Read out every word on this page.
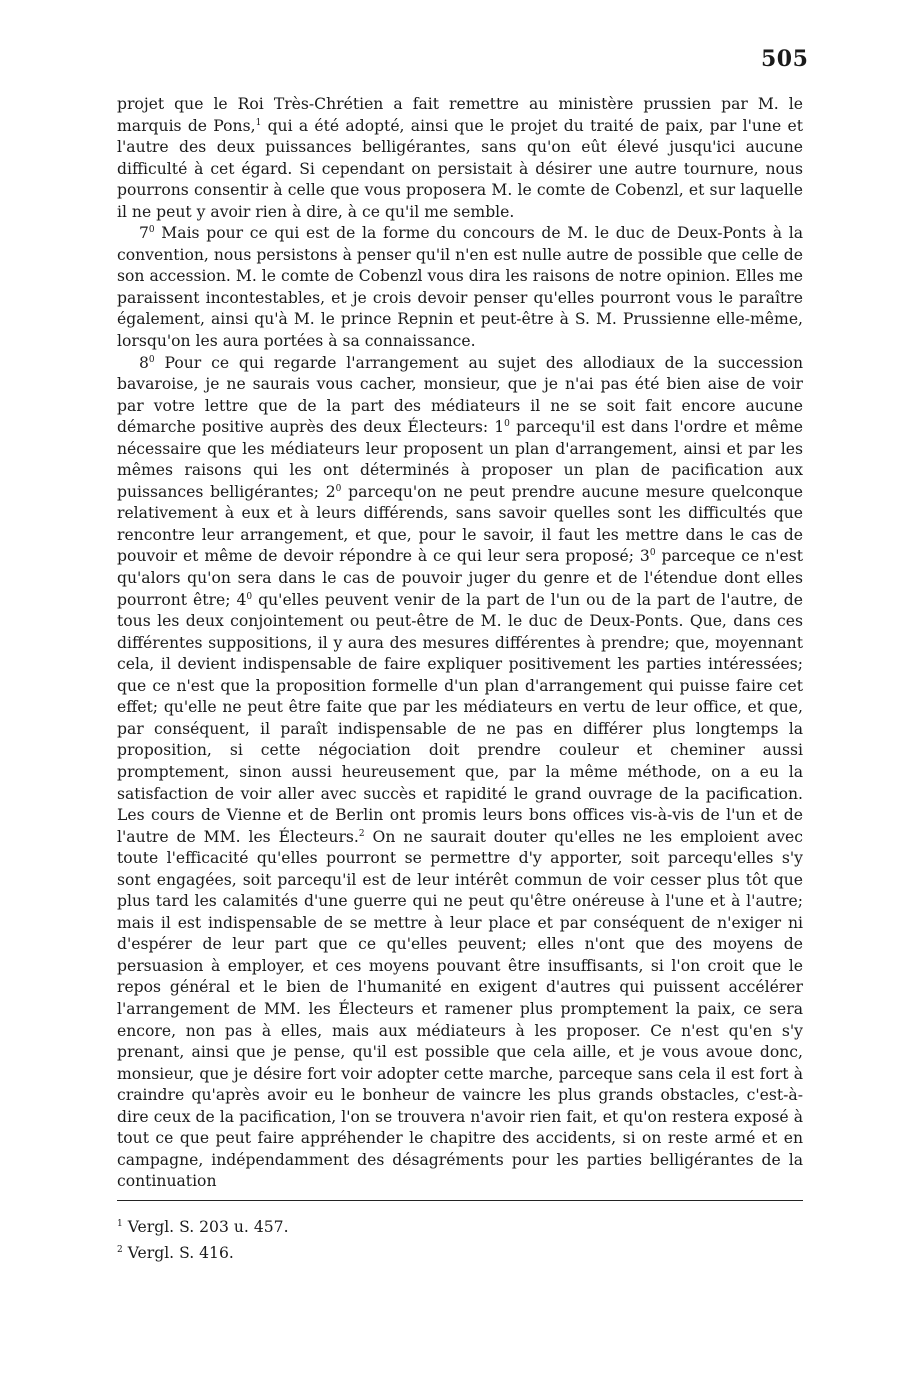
505

projet que le Roi Très-Chrétien a fait remettre au ministère prussien par M. le marquis de Pons,$^1$ qui a été adopté, ainsi que le projet du traité de paix, par l'une et l'autre des deux puissances belligérantes, sans qu'on eût élevé jusqu'ici aucune difficulté à cet égard. Si cependant on persistait à désirer une autre tournure, nous pourrons consentir à celle que vous proposera M. le comte de Cobenzl, et sur laquelle il ne peut y avoir rien à dire, à ce qu'il me semble.

$7^0$ Mais pour ce qui est de la forme du concours de M. le duc de Deux-Ponts à la convention, nous persistons à penser qu'il n'en est nulle autre de possible que celle de son accession. M. le comte de Cobenzl vous dira les raisons de notre opinion. Elles me paraissent incontestables, et je crois devoir penser qu'elles pourront vous le paraître également, ainsi qu'à M. le prince Repnin et peut-être à S. M. Prussienne elle-même, lorsqu'on les aura portées à sa connaissance.

$8^0$ Pour ce qui regarde l'arrangement au sujet des allodiaux de la succession bavaroise, je ne saurais vous cacher, monsieur, que je n'ai pas été bien aise de voir par votre lettre que de la part des médiateurs il ne se soit fait encore aucune démarche positive auprès des deux Électeurs: $1^0$ parcequ'il est dans l'ordre et même nécessaire que les médiateurs leur proposent un plan d'arrangement, ainsi et par les mêmes raisons qui les ont déterminés à proposer un plan de pacification aux puissances belligérantes; $2^0$ parcequ'on ne peut prendre aucune mesure quelconque relativement à eux et à leurs différends, sans savoir quelles sont les difficultés que rencontre leur arrangement, et que, pour le savoir, il faut les mettre dans le cas de pouvoir et même de devoir répondre à ce qui leur sera proposé; $3^0$ parceque ce n'est qu'alors qu'on sera dans le cas de pouvoir juger du genre et de l'étendue dont elles pourront être; $4^0$ qu'elles peuvent venir de la part de l'un ou de la part de l'autre, de tous les deux conjointement ou peut-être de M. le duc de Deux-Ponts. Que, dans ces différentes suppositions, il y aura des mesures différentes à prendre; que, moyennant cela, il devient indispensable de faire expliquer positivement les parties intéressées; que ce n'est que la proposition formelle d'un plan d'arrangement qui puisse faire cet effet; qu'elle ne peut être faite que par les médiateurs en vertu de leur office, et que, par conséquent, il paraît indispensable de ne pas en différer plus longtemps la proposition, si cette négociation doit prendre couleur et cheminer aussi promptement, sinon aussi heureusement que, par la même méthode, on a eu la satisfaction de voir aller avec succès et rapidité le grand ouvrage de la pacification. Les cours de Vienne et de Berlin ont promis leurs bons offices vis-à-vis de l'un et de l'autre de MM. les Électeurs.$^2$ On ne saurait douter qu'elles ne les emploient avec toute l'efficacité qu'elles pourront se permettre d'y apporter, soit parcequ'elles s'y sont engagées, soit parcequ'il est de leur intérêt commun de voir cesser plus tôt que plus tard les calamités d'une guerre qui ne peut qu'être onéreuse à l'une et à l'autre; mais il est indispensable de se mettre à leur place et par conséquent de n'exiger ni d'espérer de leur part que ce qu'elles peuvent; elles n'ont que des moyens de persuasion à employer, et ces moyens pouvant être insuffisants, si l'on croit que le repos général et le bien de l'humanité en exigent d'autres qui puissent accélérer l'arrangement de MM. les Électeurs et ramener plus promptement la paix, ce sera encore, non pas à elles, mais aux médiateurs à les proposer. Ce n'est qu'en s'y prenant, ainsi que je pense, qu'il est possible que cela aille, et je vous avoue donc, monsieur, que je désire fort voir adopter cette marche, parceque sans cela il est fort à craindre qu'après avoir eu le bonheur de vaincre les plus grands obstacles, c'est-à-dire ceux de la pacification, l'on se trouvera n'avoir rien fait, et qu'on restera exposé à tout ce que peut faire appréhender le chapitre des accidents, si on reste armé et en campagne, indépendamment des désagréments pour les parties belligérantes de la continuation

$^1$ Vergl. S. 203 u. 457.

$^2$ Vergl. S. 416.
